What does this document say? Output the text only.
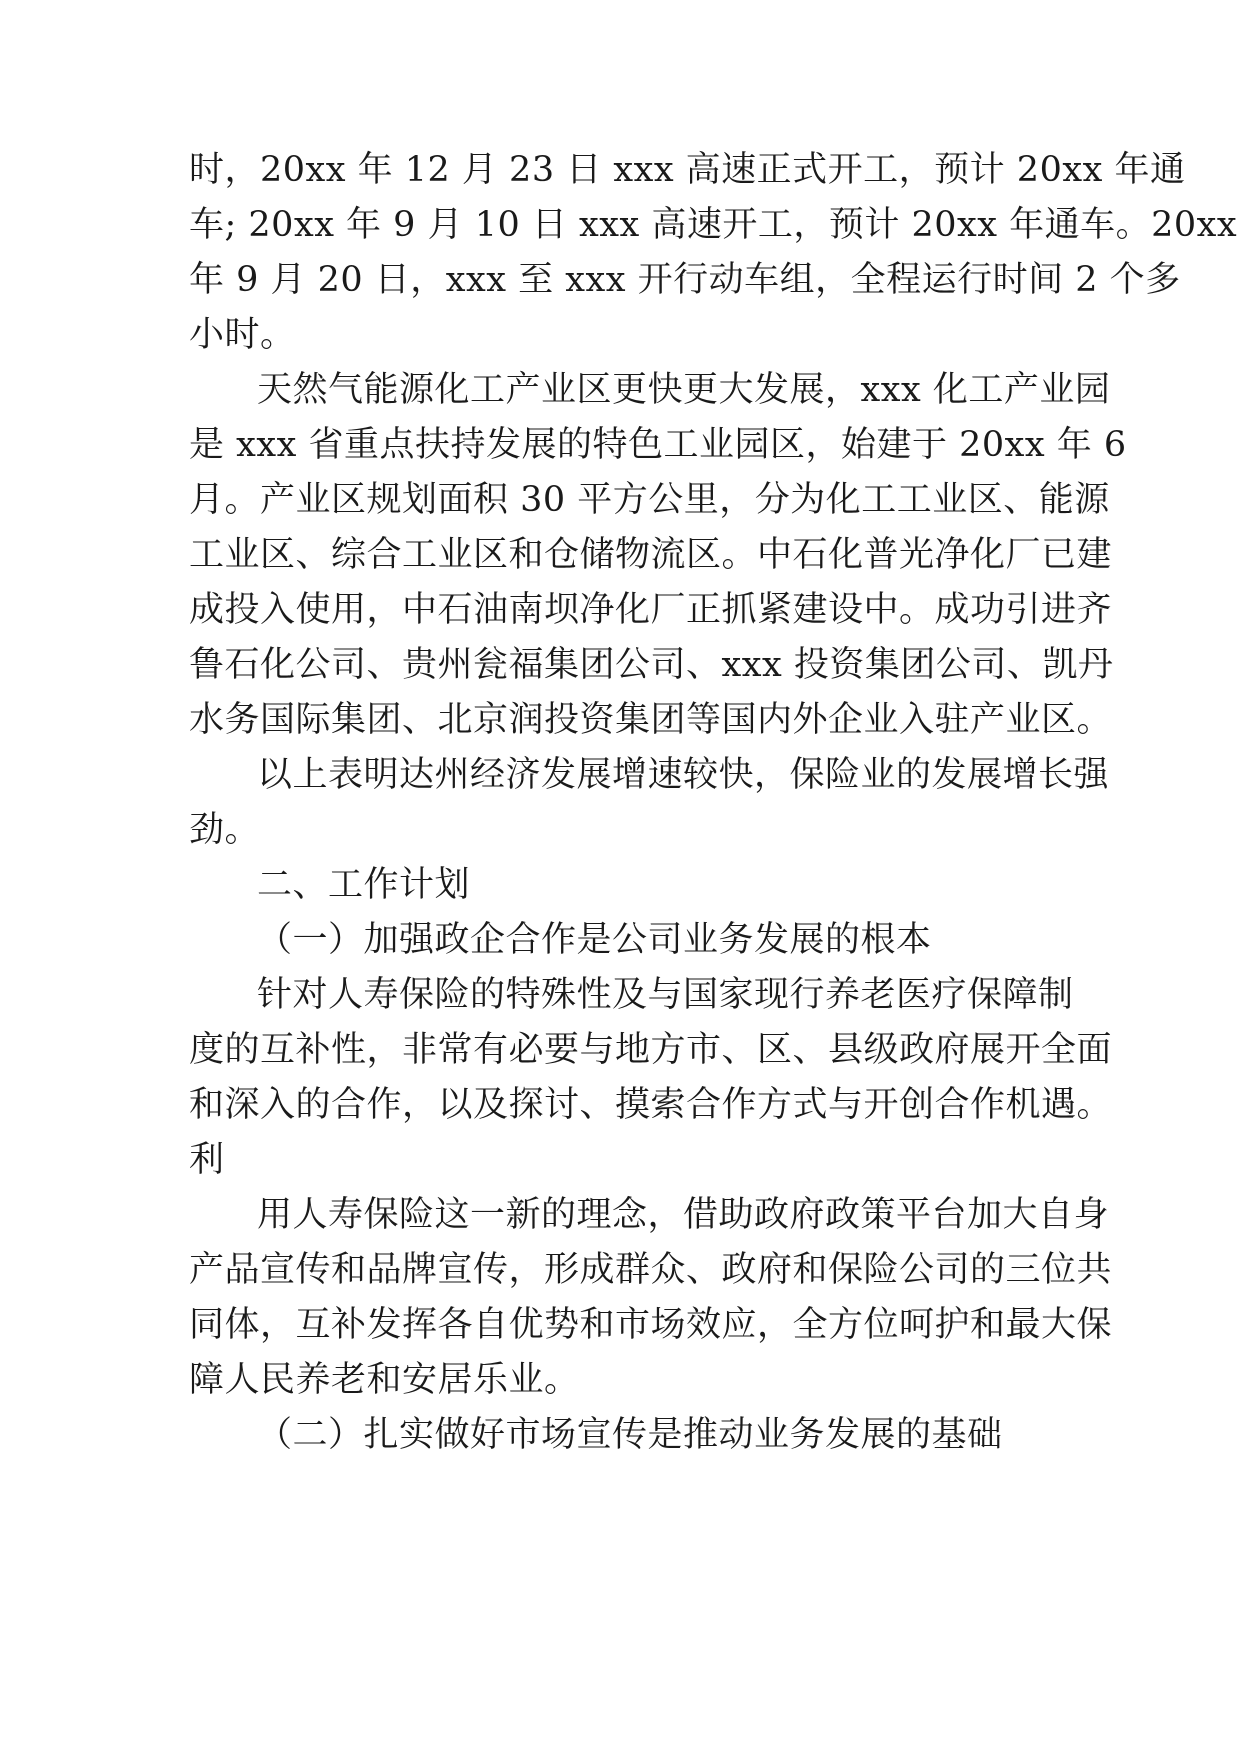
时，20xx 年 12 月 23 日 xxx 高速正式开工，预计 20xx 年通
车; 20xx 年 9 月 10 日 xxx 高速开工，预计 20xx 年通车。20xx
年 9 月 20 日，xxx 至 xxx 开行动车组，全程运行时间 2 个多
小时。
天然气能源化工产业区更快更大发展，xxx 化工产业园
是 xxx 省重点扶持发展的特色工业园区，始建于 20xx 年 6
月。产业区规划面积 30 平方公里，分为化工工业区、能源
工业区、综合工业区和仓储物流区。中石化普光净化厂已建
成投入使用，中石油南坝净化厂正抓紧建设中。成功引进齐
鲁石化公司、贵州瓮福集团公司、xxx 投资集团公司、凯丹
水务国际集团、北京润投资集团等国内外企业入驻产业区。
以上表明达州经济发展增速较快，保险业的发展增长强
劲。
二、工作计划
（一）加强政企合作是公司业务发展的根本
针对人寿保险的特殊性及与国家现行养老医疗保障制
度的互补性，非常有必要与地方市、区、县级政府展开全面
和深入的合作，以及探讨、摸索合作方式与开创合作机遇。
利
用人寿保险这一新的理念，借助政府政策平台加大自身
产品宣传和品牌宣传，形成群众、政府和保险公司的三位共
同体，互补发挥各自优势和市场效应，全方位呵护和最大保
障人民养老和安居乐业。
（二）扎实做好市场宣传是推动业务发展的基础
